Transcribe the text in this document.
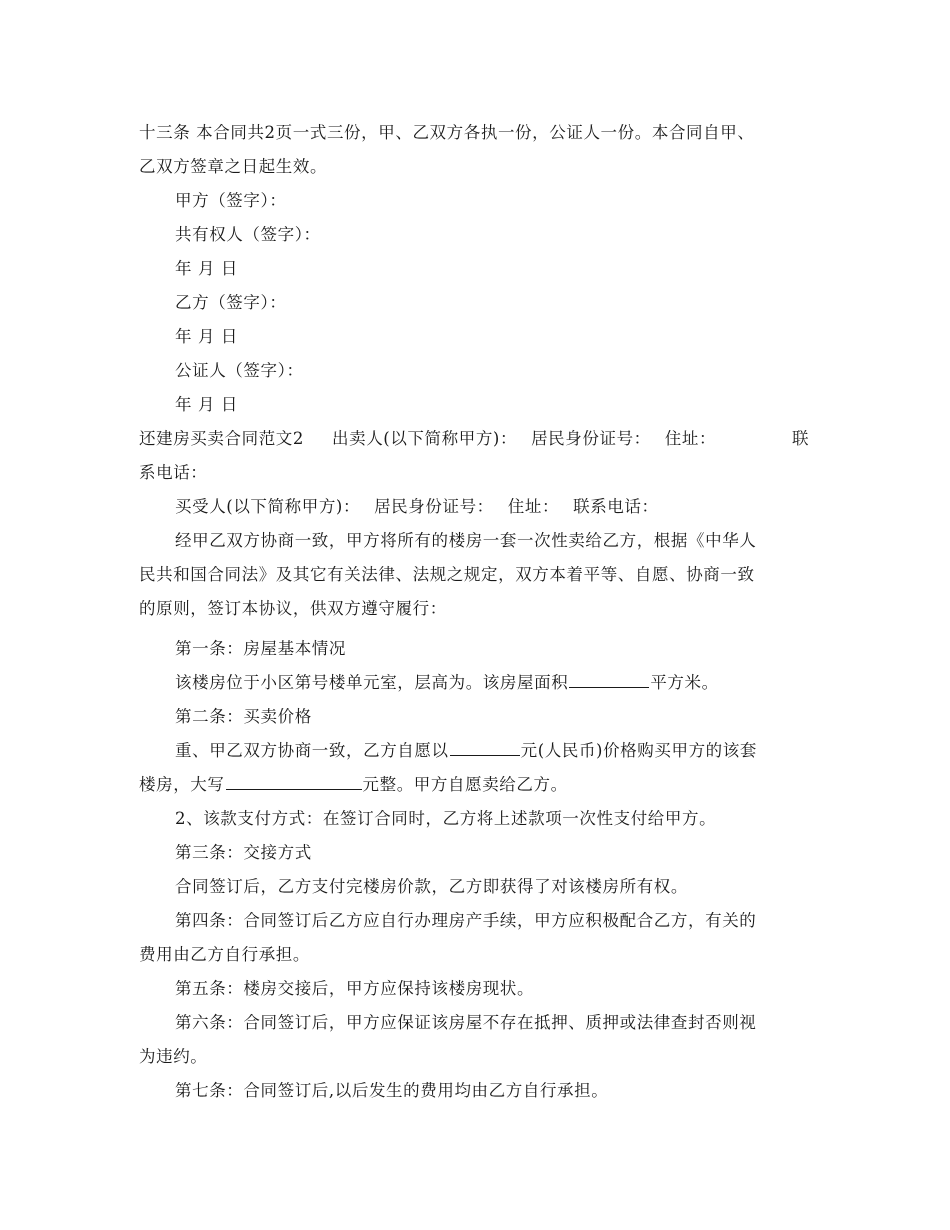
十三条 本合同共2页一式三份，甲、乙双方各执一份，公证人一份。本合同自甲、
乙双方签章之日起生效。
甲方（签字）：
共有权人（签字）：
年 月 日
乙方（签字）：
年 月 日
公证人（签字）：
年 月 日
还建房买卖合同范文2 出卖人(以下简称甲方)： 居民身份证号： 住址：	联
系电话：
买受人(以下简称甲方)： 居民身份证号： 住址： 联系电话：
经甲乙双方协商一致，甲方将所有的楼房一套一次性卖给乙方，根据《中华人
民共和国合同法》及其它有关法律、法规之规定，双方本着平等、自愿、协商一致
的原则，签订本协议，供双方遵守履行：
第一条：房屋基本情况
该楼房位于小区第号楼单元室，层高为。该房屋面积	平方米。
第二条：买卖价格
重、甲乙双方协商一致，乙方自愿以	元(人民币)价格购买甲方的该套
楼房，大写	元整。甲方自愿卖给乙方。
2、该款支付方式：在签订合同时，乙方将上述款项一次性支付给甲方。
第三条：交接方式
合同签订后，乙方支付完楼房价款，乙方即获得了对该楼房所有权。
第四条：合同签订后乙方应自行办理房产手续，甲方应积极配合乙方，有关的
费用由乙方自行承担。
第五条：楼房交接后，甲方应保持该楼房现状。
第六条：合同签订后，甲方应保证该房屋不存在抵押、质押或法律查封否则视
为违约。
第七条：合同签订后,以后发生的费用均由乙方自行承担。
